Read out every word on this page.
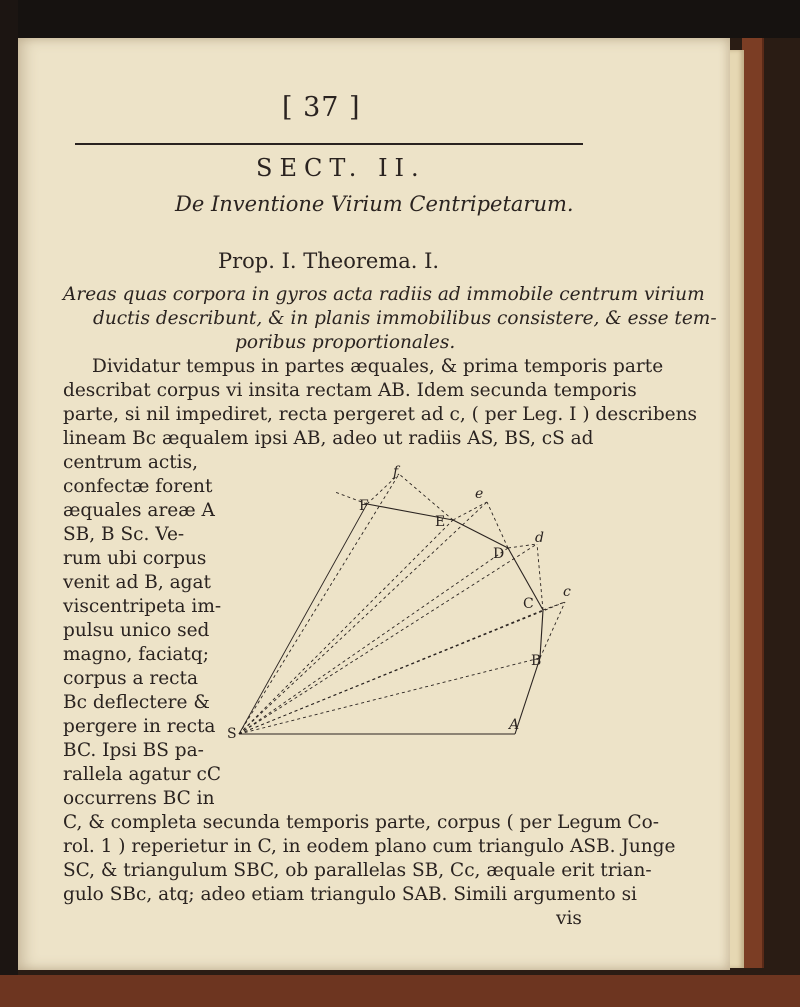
[ 37 ]
SECT. II.
De Inventione Virium Centripetarum.
Prop. I. Theorema. I.
Areas quas corpora in gyros acta radiis ad immobile centrum virium
ductis describunt, & in planis immobilibus consistere, & esse tem-
poribus proportionales.
Dividatur tempus in partes æquales, & prima temporis parte
describat corpus vi insita rectam AB. Idem secunda temporis
parte, si nil impediret, recta pergeret ad c, ( per Leg. I ) describens
lineam Bc æqualem ipsi AB, adeo ut radiis AS, BS, cS ad
centrum actis,
confectæ forent
æquales areæ A
SB, B Sc. Ve-
rum ubi corpus
venit ad B, agat
viscentripeta im-
pulsu unico sed
magno, faciatq;
corpus a recta
Bc deflectere &
pergere in recta
BC. Ipsi BS pa-
rallela agatur cC
occurrens BC in
C, & completa secunda temporis parte, corpus ( per Legum Co-
rol. 1 ) reperietur in C, in eodem plano cum triangulo ASB. Junge
SC, & triangulum SBC, ob parallelas SB, Cc, æquale erit trian-
gulo SBc, atq; adeo etiam triangulo SAB. Simili argumento si
vis
S
A
B
C
D
E
F
c
d
e
f
